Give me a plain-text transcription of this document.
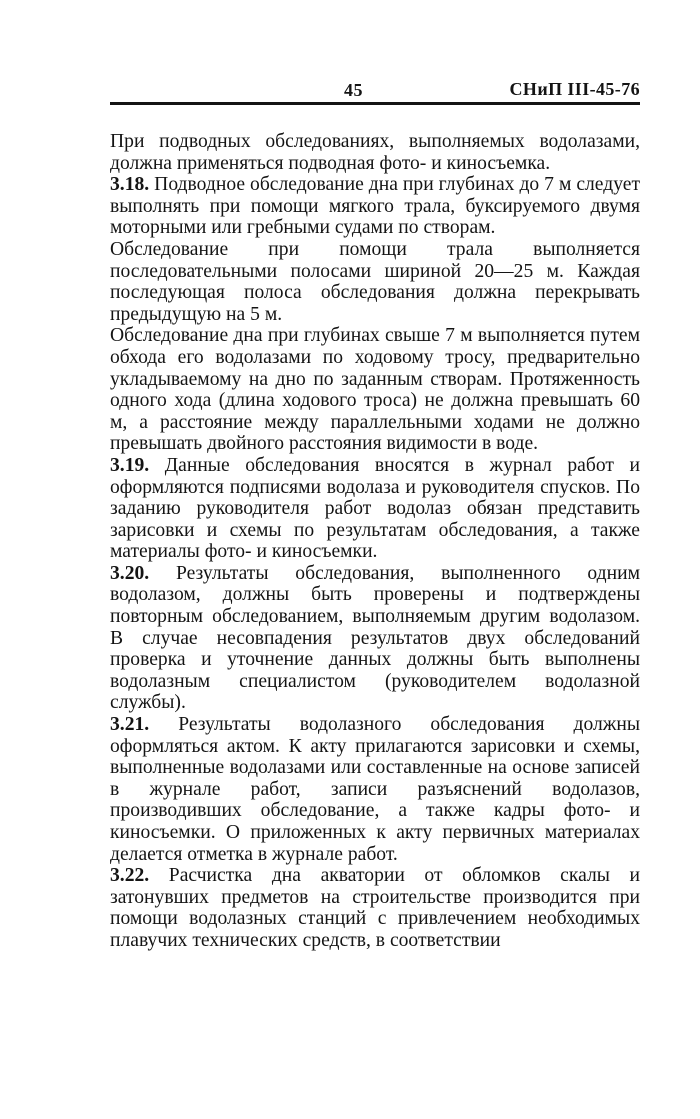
45	СНиП III-45-76

При подводных обследованиях, выполняемых водолазами, должна применяться подводная фото- и киносъемка.

3.18. Подводное обследование дна при глубинах до 7 м следует выполнять при помощи мягкого трала, буксируемого двумя моторными или гребными судами по створам.

Обследование при помощи трала выполняется последовательными полосами шириной 20—25 м. Каждая последующая полоса обследования должна перекрывать предыдущую на 5 м.

Обследование дна при глубинах свыше 7 м выполняется путем обхода его водолазами по ходовому тросу, предварительно укладываемому на дно по заданным створам. Протяженность одного хода (длина ходового троса) не должна превышать 60 м, а расстояние между параллельными ходами не должно превышать двойного расстояния видимости в воде.

3.19. Данные обследования вносятся в журнал работ и оформляются подписями водолаза и руководителя спусков. По заданию руководителя работ водолаз обязан представить зарисовки и схемы по результатам обследования, а также материалы фото- и киносъемки.

3.20. Результаты обследования, выполненного одним водолазом, должны быть проверены и подтверждены повторным обследованием, выполняемым другим водолазом. В случае несовпадения результатов двух обследований проверка и уточнение данных должны быть выполнены водолазным специалистом (руководителем водолазной службы).

3.21. Результаты водолазного обследования должны оформляться актом. К акту прилагаются зарисовки и схемы, выполненные водолазами или составленные на основе записей в журнале работ, записи разъяснений водолазов, производивших обследование, а также кадры фото- и киносъемки. О приложенных к акту первичных материалах делается отметка в журнале работ.

3.22. Расчистка дна акватории от обломков скалы и затонувших предметов на строительстве производится при помощи водолазных станций с привлечением необходимых плавучих технических средств, в соответствии
